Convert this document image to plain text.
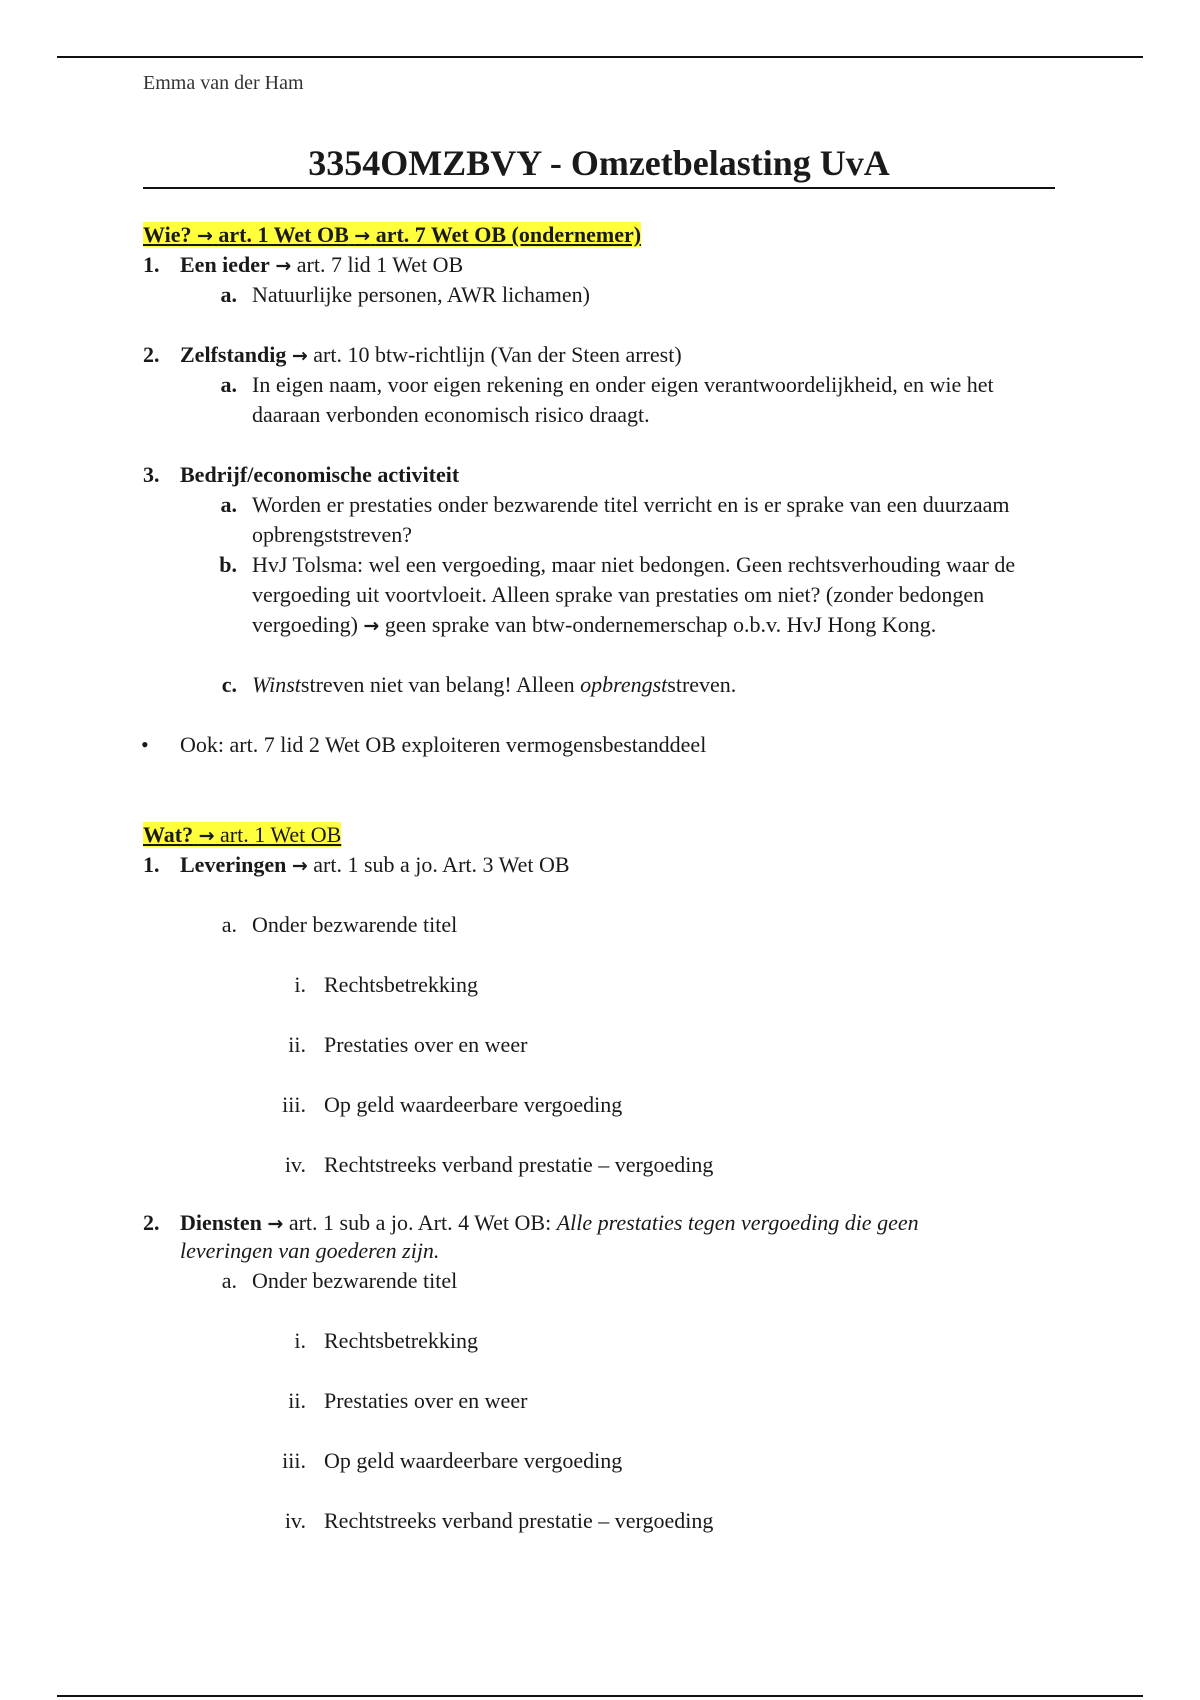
Emma van der Ham
3354OMZBVY - Omzetbelasting UvA
Wie? → art. 1 Wet OB → art. 7 Wet OB (ondernemer)
1. Een ieder → art. 7 lid 1 Wet OB
a. Natuurlijke personen, AWR lichamen)
2. Zelfstandig → art. 10 btw-richtlijn (Van der Steen arrest)
a. In eigen naam, voor eigen rekening en onder eigen verantwoordelijkheid, en wie het daaraan verbonden economisch risico draagt.
3. Bedrijf/economische activiteit
a. Worden er prestaties onder bezwarende titel verricht en is er sprake van een duurzaam opbrengststreven?
b. HvJ Tolsma: wel een vergoeding, maar niet bedongen. Geen rechtsverhouding waar de vergoeding uit voortvloeit. Alleen sprake van prestaties om niet? (zonder bedongen vergoeding) → geen sprake van btw-ondernemerschap o.b.v. HvJ Hong Kong.
c. Winststreven niet van belang! Alleen opbrengststreven.
• Ook: art. 7 lid 2 Wet OB exploiteren vermogensbestanddeel
Wat? → art. 1 Wet OB
1. Leveringen → art. 1 sub a jo. Art. 3 Wet OB
a. Onder bezwarende titel
i. Rechtsbetrekking
ii. Prestaties over en weer
iii. Op geld waardeerbare vergoeding
iv. Rechtstreeks verband prestatie – vergoeding
2. Diensten → art. 1 sub a jo. Art. 4 Wet OB: Alle prestaties tegen vergoeding die geen
leveringen van goederen zijn.
a. Onder bezwarende titel
i. Rechtsbetrekking
ii. Prestaties over en weer
iii. Op geld waardeerbare vergoeding
iv. Rechtstreeks verband prestatie – vergoeding
